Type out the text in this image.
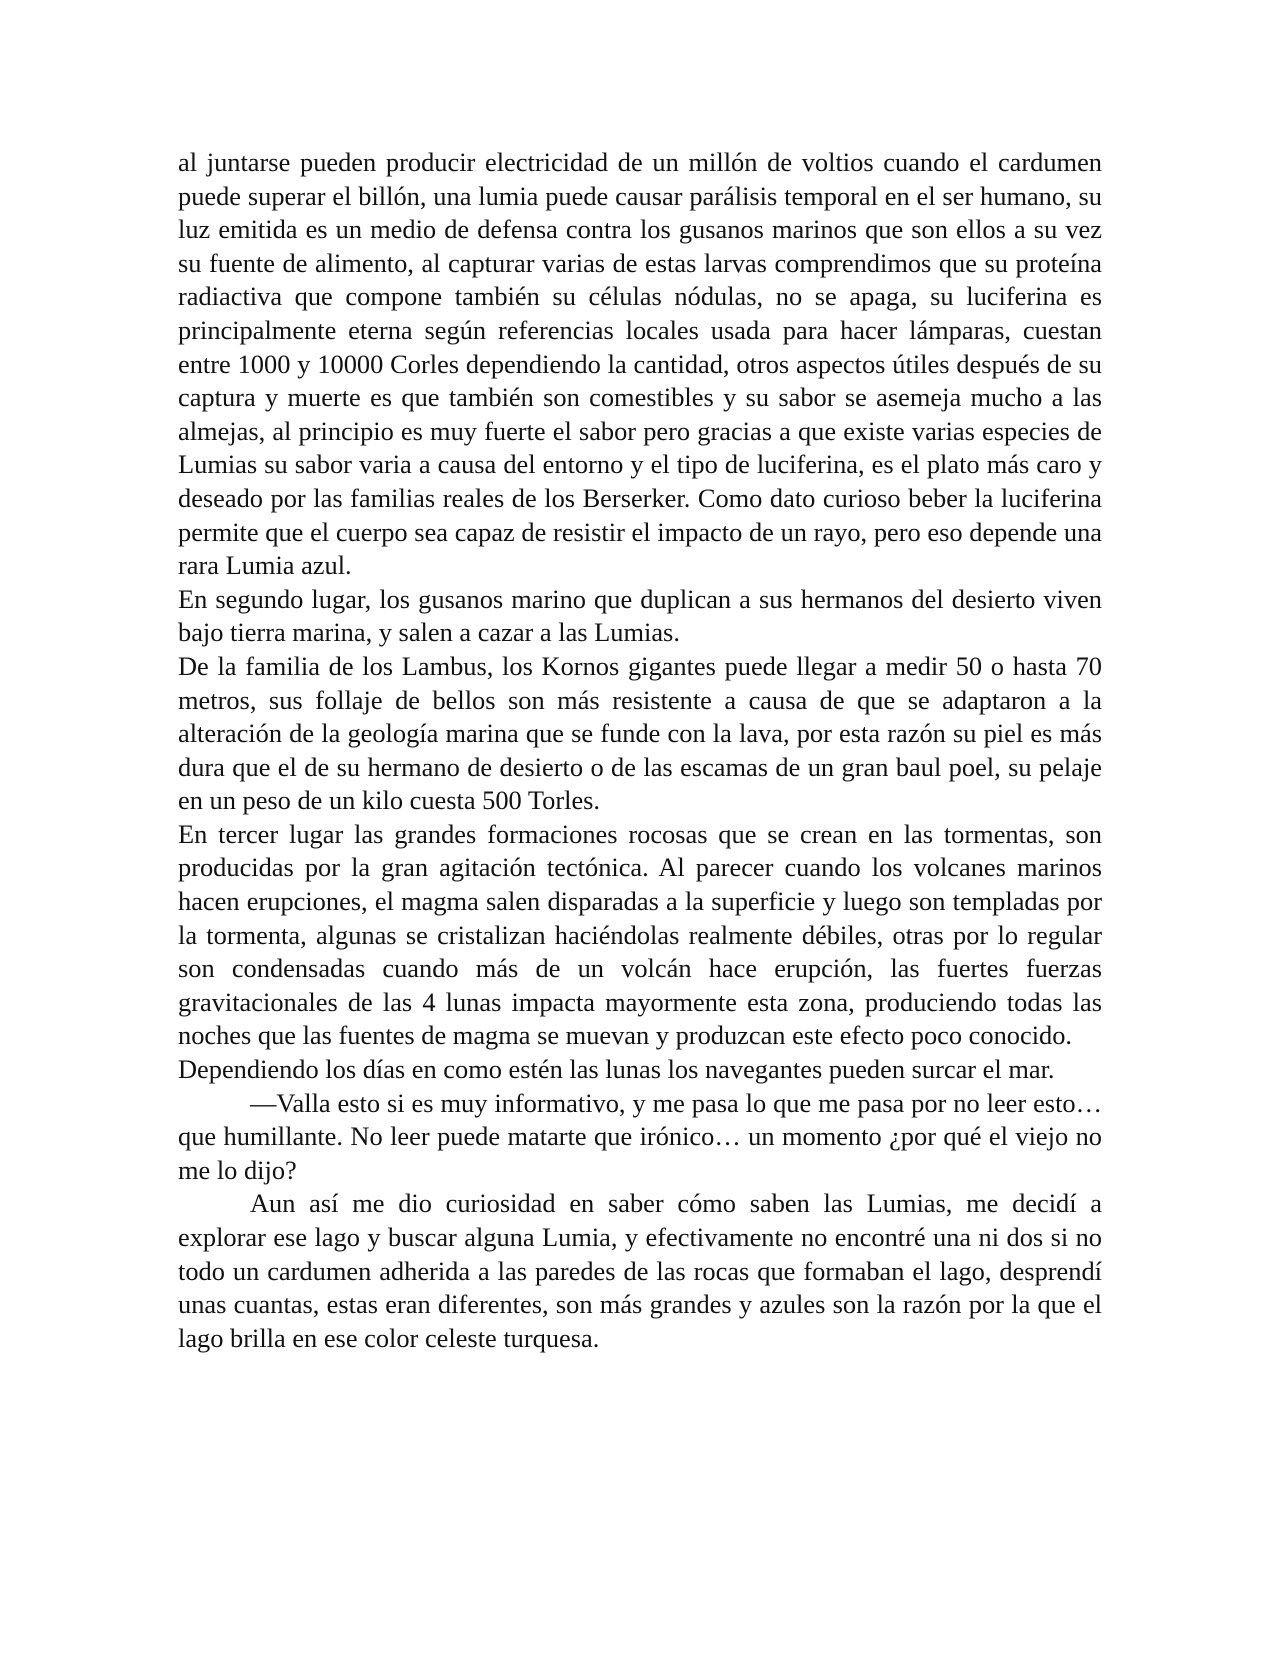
al juntarse pueden producir electricidad de un millón de voltios cuando el cardumen puede superar el billón, una lumia puede causar parálisis temporal en el ser humano, su luz emitida es un medio de defensa contra los gusanos marinos que son ellos a su vez su fuente de alimento, al capturar varias de estas larvas comprendimos que su proteína radiactiva que compone también su células nódulas, no se apaga, su luciferina es principalmente eterna según referencias locales usada para hacer lámparas, cuestan entre 1000 y 10000 Corles dependiendo la cantidad, otros aspectos útiles después de su captura y muerte es que también son comestibles y su sabor se asemeja mucho a las almejas, al principio es muy fuerte el sabor pero gracias a que existe varias especies de Lumias su sabor varia a causa del entorno y el tipo de luciferina, es el plato más caro y deseado por las familias reales de los Berserker. Como dato curioso beber la luciferina permite que el cuerpo sea capaz de resistir el impacto de un rayo, pero eso depende una rara Lumia azul.

En segundo lugar, los gusanos marino que duplican a sus hermanos del desierto viven bajo tierra marina, y salen a cazar a las Lumias.

De la familia de los Lambus, los Kornos gigantes puede llegar a medir 50 o hasta 70 metros, sus follaje de bellos son más resistente a causa de que se adaptaron a la alteración de la geología marina que se funde con la lava, por esta razón su piel es más dura que el de su hermano de desierto o de las escamas de un gran baul poel, su pelaje en un peso de un kilo cuesta 500 Torles.

En tercer lugar las grandes formaciones rocosas que se crean en las tormentas, son producidas por la gran agitación tectónica. Al parecer cuando los volcanes marinos hacen erupciones, el magma salen disparadas a la superficie y luego son templadas por la tormenta, algunas se cristalizan haciéndolas realmente débiles, otras por lo regular son condensadas cuando más de un volcán hace erupción, las fuertes fuerzas gravitacionales de las 4 lunas impacta mayormente esta zona, produciendo todas las noches que las fuentes de magma se muevan y produzcan este efecto poco conocido.

Dependiendo los días en como estén las lunas los navegantes pueden surcar el mar.

—Valla esto si es muy informativo, y me pasa lo que me pasa por no leer esto… que humillante. No leer puede matarte que irónico… un momento ¿por qué el viejo no me lo dijo?

Aun así me dio curiosidad en saber cómo saben las Lumias, me decidí a explorar ese lago y buscar alguna Lumia, y efectivamente no encontré una ni dos si no todo un cardumen adherida a las paredes de las rocas que formaban el lago, desprendí unas cuantas, estas eran diferentes, son más grandes y azules son la razón por la que el lago brilla en ese color celeste turquesa.
